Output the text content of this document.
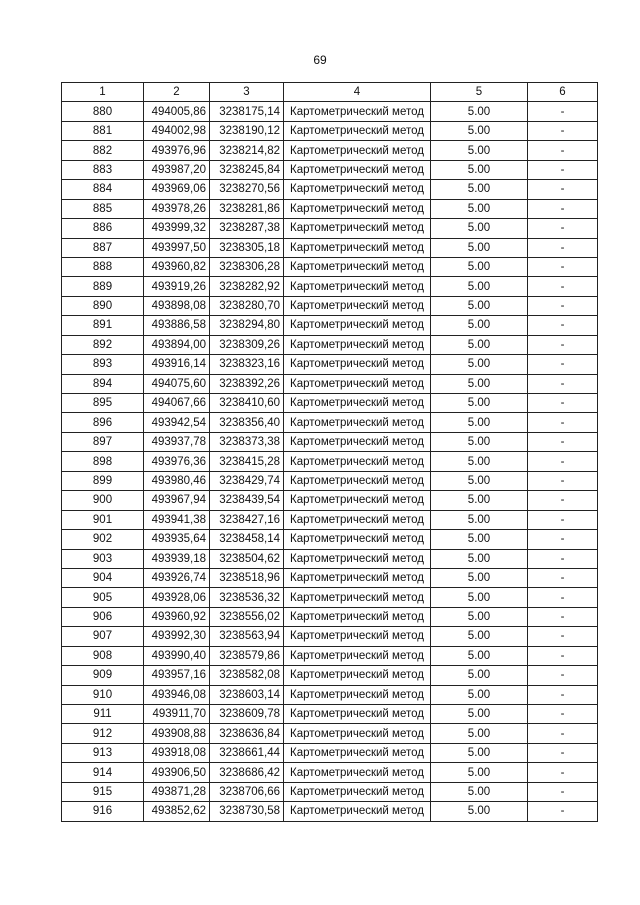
69
1	2	3	4	5	6
880	494005,86	3238175,14	Картометрический метод	5.00	-
881	494002,98	3238190,12	Картометрический метод	5.00	-
882	493976,96	3238214,82	Картометрический метод	5.00	-
883	493987,20	3238245,84	Картометрический метод	5.00	-
884	493969,06	3238270,56	Картометрический метод	5.00	-
885	493978,26	3238281,86	Картометрический метод	5.00	-
886	493999,32	3238287,38	Картометрический метод	5.00	-
887	493997,50	3238305,18	Картометрический метод	5.00	-
888	493960,82	3238306,28	Картометрический метод	5.00	-
889	493919,26	3238282,92	Картометрический метод	5.00	-
890	493898,08	3238280,70	Картометрический метод	5.00	-
891	493886,58	3238294,80	Картометрический метод	5.00	-
892	493894,00	3238309,26	Картометрический метод	5.00	-
893	493916,14	3238323,16	Картометрический метод	5.00	-
894	494075,60	3238392,26	Картометрический метод	5.00	-
895	494067,66	3238410,60	Картометрический метод	5.00	-
896	493942,54	3238356,40	Картометрический метод	5.00	-
897	493937,78	3238373,38	Картометрический метод	5.00	-
898	493976,36	3238415,28	Картометрический метод	5.00	-
899	493980,46	3238429,74	Картометрический метод	5.00	-
900	493967,94	3238439,54	Картометрический метод	5.00	-
901	493941,38	3238427,16	Картометрический метод	5.00	-
902	493935,64	3238458,14	Картометрический метод	5.00	-
903	493939,18	3238504,62	Картометрический метод	5.00	-
904	493926,74	3238518,96	Картометрический метод	5.00	-
905	493928,06	3238536,32	Картометрический метод	5.00	-
906	493960,92	3238556,02	Картометрический метод	5.00	-
907	493992,30	3238563,94	Картометрический метод	5.00	-
908	493990,40	3238579,86	Картометрический метод	5.00	-
909	493957,16	3238582,08	Картометрический метод	5.00	-
910	493946,08	3238603,14	Картометрический метод	5.00	-
911	493911,70	3238609,78	Картометрический метод	5.00	-
912	493908,88	3238636,84	Картометрический метод	5.00	-
913	493918,08	3238661,44	Картометрический метод	5.00	-
914	493906,50	3238686,42	Картометрический метод	5.00	-
915	493871,28	3238706,66	Картометрический метод	5.00	-
916	493852,62	3238730,58	Картометрический метод	5.00	-
